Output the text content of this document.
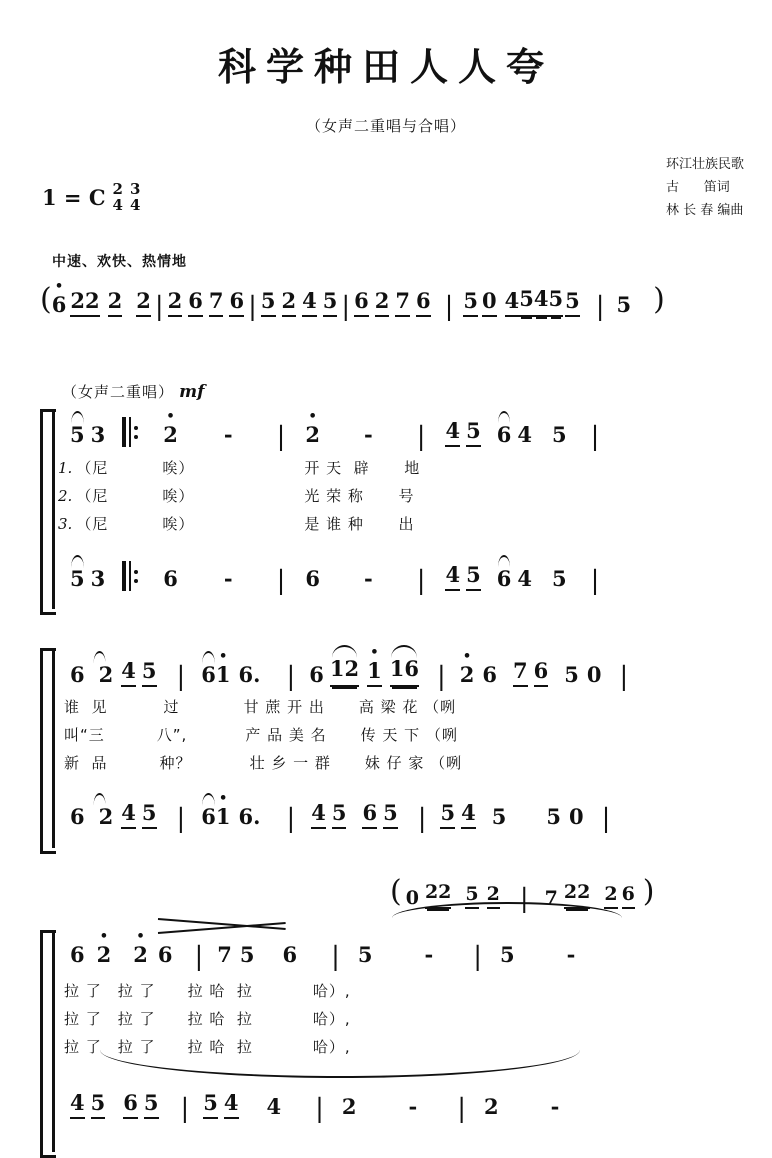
科学种田人人夸
（女声二重唱与合唱）
环江壮族民歌
古      笛词
林 长 春 编曲
1 = C 2
4
3
4
中速、欢快、热情地
( • 6 2 2 2 2 | 2 6 7 6 | 5 2 4 5 | 6 2 7 6 | 5 0 4 5 4 5 5 | 5 )
（女声二重唱） mf
5 3	• 2 -	| • 2 -	| 4 5 6 4 5 |
1. （尼	唉）	开 天  辟      地
2. （尼	唉）	光 荣 称      号
3. （尼	唉）	是 谁 种      出
5 3	6 -	| 6 -	| 4 5 6 4 5 |
6 2 4 5 | 6 • 1 6 .	| 6 12 • 1 16 | • 2 6 7 6 5 0 |
谁  见	过	甘 蔗 开 出 高 梁 花 （咧
叫“三	八”,	产 品 美 名 传 天 下 （咧
新  品	种？	壮 乡 一 群 妹 仔 家 （咧
6 2 4 5 | 6 • 1 6 .	| 4 5 6 5 | 5 4 5 5 0 |
( 0 22 5 2 | 7 22 2 6 )
6 • 2 • 2 6 | 7 5 6	| 5 -	| 5 -
拉 了 拉 了 拉 哈  拉	哈）,
拉 了 拉 了 拉 哈  拉	哈）,
拉 了 拉 了 拉 哈  拉	哈）,
4 5 6 5 | 5 4 4	| 2 -	| 2 -
